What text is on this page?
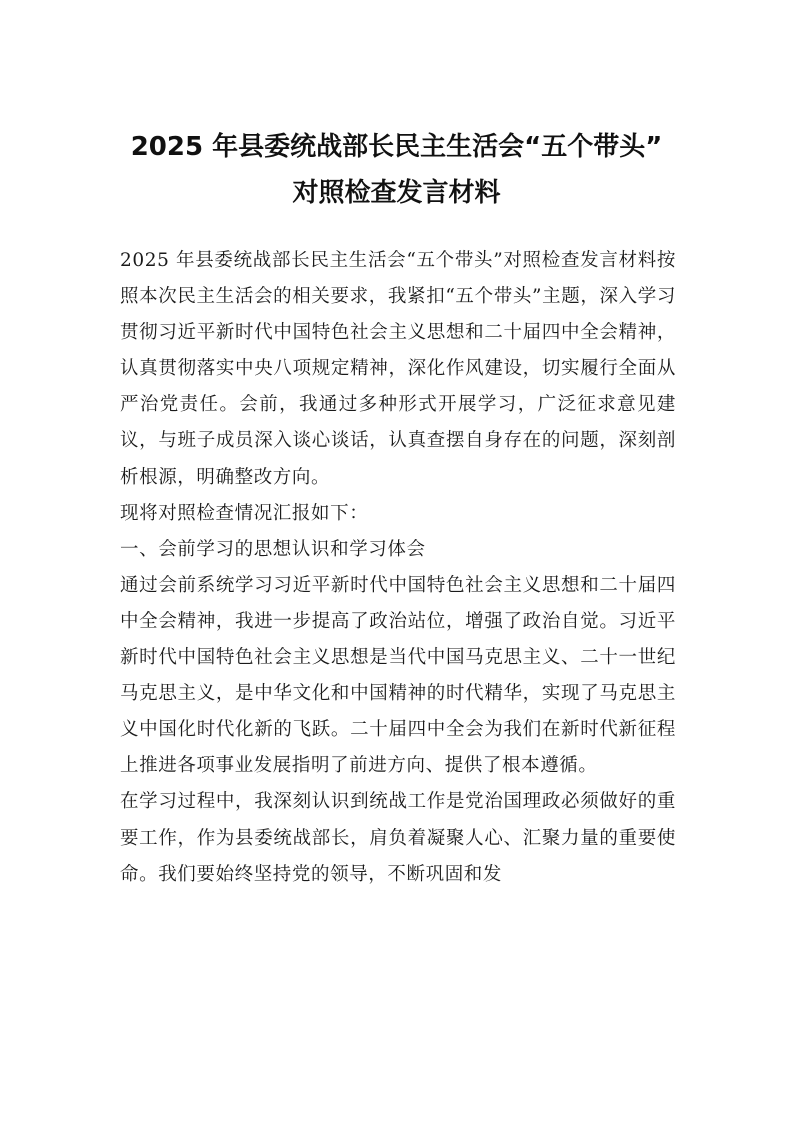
2025 年县委统战部长民主生活会“五个带头”
对照检查发言材料

2025 年县委统战部长民主生活会“五个带头”对照检查发言材料按照本次民主生活会的相关要求，我紧扣“五个带头”主题，深入学习贯彻习近平新时代中国特色社会主义思想和二十届四中全会精神，认真贯彻落实中央八项规定精神，深化作风建设，切实履行全面从严治党责任。会前，我通过多种形式开展学习，广泛征求意见建议，与班子成员深入谈心谈话，认真查摆自身存在的问题，深刻剖析根源，明确整改方向。

现将对照检查情况汇报如下：

一、会前学习的思想认识和学习体会

通过会前系统学习习近平新时代中国特色社会主义思想和二十届四中全会精神，我进一步提高了政治站位，增强了政治自觉。习近平新时代中国特色社会主义思想是当代中国马克思主义、二十一世纪马克思主义，是中华文化和中国精神的时代精华，实现了马克思主义中国化时代化新的飞跃。二十届四中全会为我们在新时代新征程上推进各项事业发展指明了前进方向、提供了根本遵循。

在学习过程中，我深刻认识到统战工作是党治国理政必须做好的重要工作，作为县委统战部长，肩负着凝聚人心、汇聚力量的重要使命。我们要始终坚持党的领导，不断巩固和发
